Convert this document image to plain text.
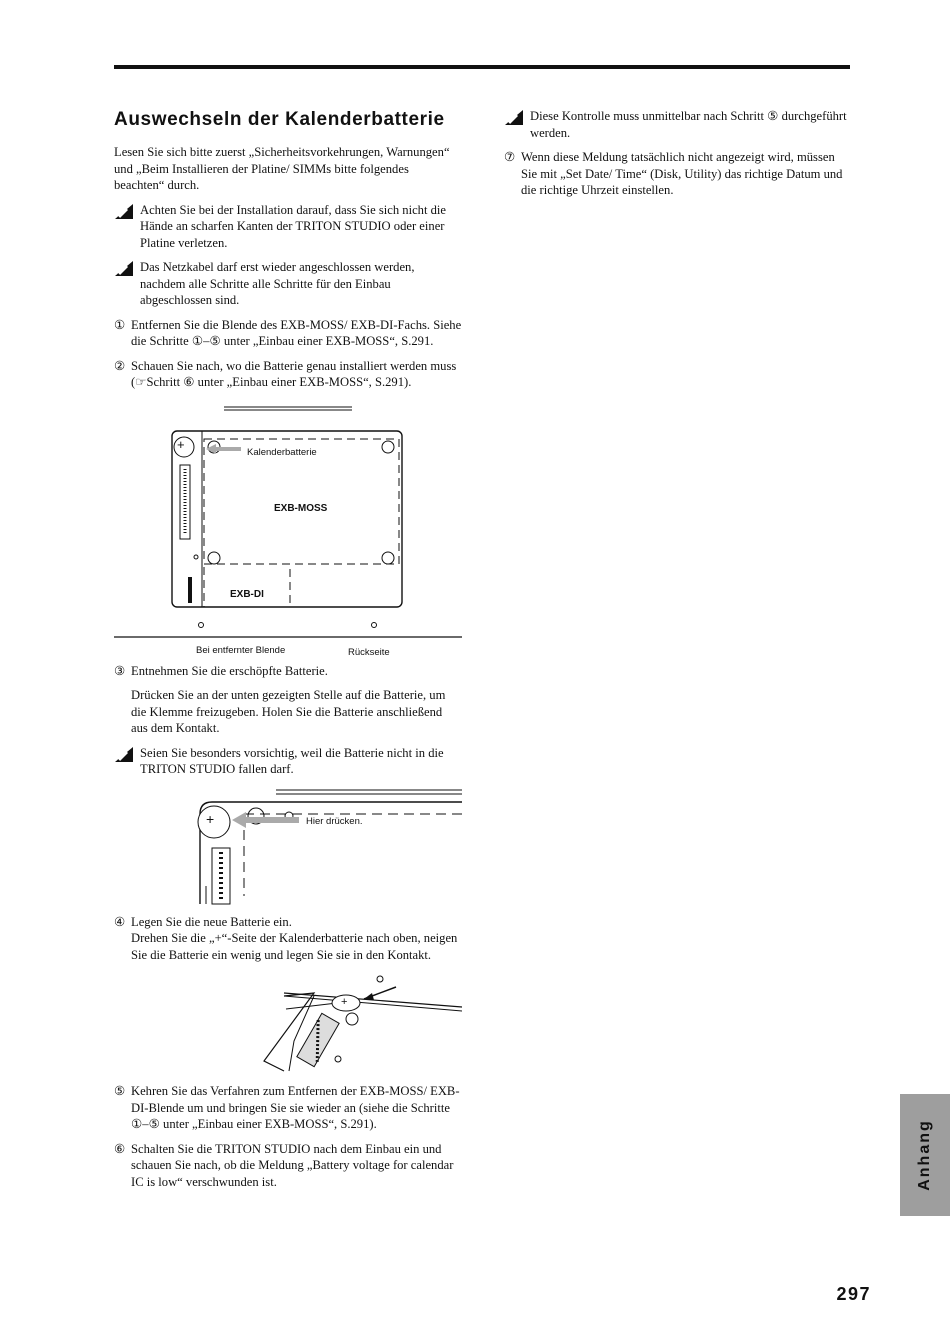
Auswechseln der Kalenderbatterie

Lesen Sie sich bitte zuerst „Sicherheitsvorkehrungen, Warnungen“ und „Beim Installieren der Platine/ SIMMs bitte folgendes beachten“ durch.

Achten Sie bei der Installation darauf, dass Sie sich nicht die Hände an scharfen Kanten der TRITON STUDIO oder einer Platine verletzen.
Das Netzkabel darf erst wieder angeschlossen werden, nachdem alle Schritte alle Schritte für den Einbau abgeschlossen sind.
① Entfernen Sie die Blende des EXB-MOSS/ EXB-DI-Fachs. Siehe die Schritte ①–⑤ unter „Einbau einer EXB-MOSS“, S.291.
② Schauen Sie nach, wo die Batterie genau installiert werden muss (☞Schritt ⑥ unter „Einbau einer EXB-MOSS“, S.291).
+
Kalenderbatterie
EXB-MOSS
EXB-DI
Bei entfernter Blende	Rückseite
③ Entnehmen Sie die erschöpfte Batterie.

Drücken Sie an der unten gezeigten Stelle auf die Batterie, um die Klemme freizugeben. Holen Sie die Batterie anschließend aus dem Kontakt.

Seien Sie besonders vorsichtig, weil die Batterie nicht in die TRITON STUDIO fallen darf.
+	Hier drücken.
④ Legen Sie die neue Batterie ein.

Drehen Sie die „+“-Seite der Kalenderbatterie nach oben, neigen Sie die Batterie ein wenig und legen Sie sie in den Kontakt.

+
⑤ Kehren Sie das Verfahren zum Entfernen der EXB-MOSS/ EXB-DI-Blende um und bringen Sie sie wieder an (siehe die Schritte ①–⑤ unter „Einbau einer EXB-MOSS“, S.291).
⑥ Schalten Sie die TRITON STUDIO nach dem Einbau ein und schauen Sie nach, ob die Meldung „Battery voltage for calendar IC is low“ verschwunden ist.
Diese Kontrolle muss unmittelbar nach Schritt ⑤ durchgeführt werden.
⑦ Wenn diese Meldung tatsächlich nicht angezeigt wird, müssen Sie mit „Set Date/ Time“ (Disk, Utility) das richtige Datum und die richtige Uhrzeit einstellen.
Anhang
297
